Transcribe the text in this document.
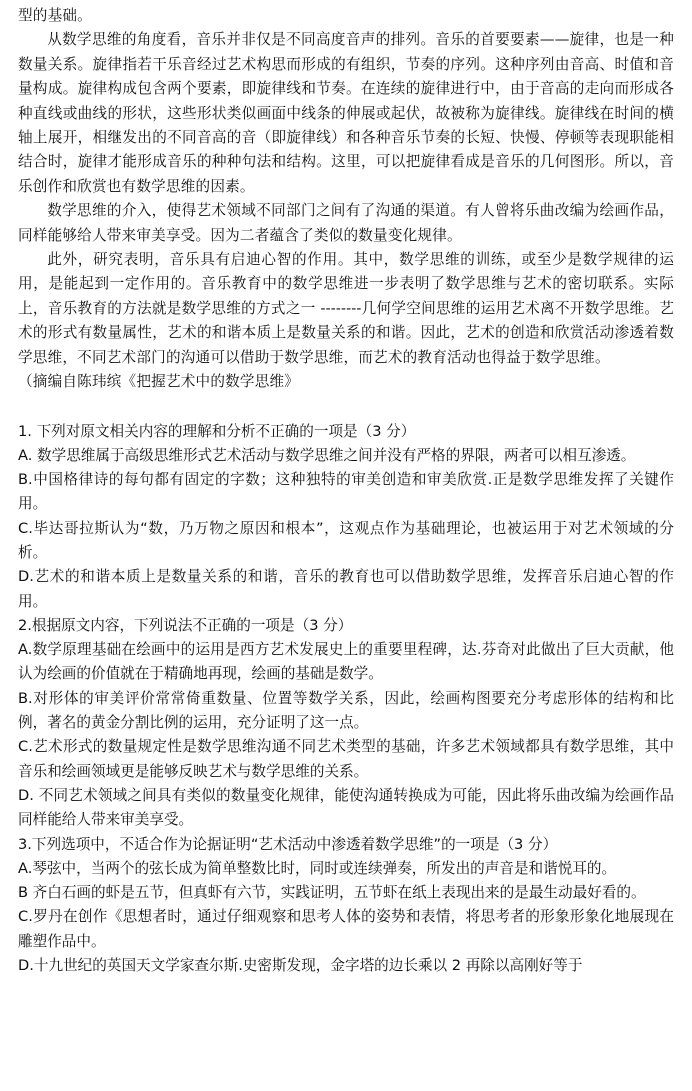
型的基础。

从数学思维的角度看，音乐并非仅是不同高度音声的排列。音乐的首要要素——旋律，也是一种数量关系。旋律指若干乐音经过艺术构思而形成的有组织，节奏的序列。这种序列由音高、时值和音量构成。旋律构成包含两个要素，即旋律线和节奏。在连续的旋律进行中，由于音高的走向而形成各种直线或曲线的形状，这些形状类似画面中线条的伸展或起伏，故被称为旋律线。旋律线在时间的横轴上展开，相继发出的不同音高的音（即旋律线）和各种音乐节奏的长短、快慢、停顿等表现职能相结合时，旋律才能形成音乐的种种句法和结构。这里，可以把旋律看成是音乐的几何图形。所以，音乐创作和欣赏也有数学思维的因素。

数学思维的介入，使得艺术领域不同部门之间有了沟通的渠道。有人曾将乐曲改编为绘画作品，同样能够给人带来审美享受。因为二者蕴含了类似的数量变化规律。

此外，研究表明，音乐具有启迪心智的作用。其中，数学思维的训练，或至少是数学规律的运用，是能起到一定作用的。音乐教育中的数学思维进一步表明了数学思维与艺术的密切联系。实际上，音乐教育的方法就是数学思维的方式之一 --------几何学空间思维的运用艺术离不开数学思维。艺术的形式有数量属性，艺术的和谐本质上是数量关系的和谐。因此，艺术的创造和欣赏活动渗透着数学思维，不同艺术部门的沟通可以借助于数学思维，而艺术的教育活动也得益于数学思维。

（摘编自陈玮缤《把握艺术中的数学思维》

1. 下列对原文相关内容的理解和分析不正确的一项是（3 分）

A. 数学思维属于高级思维形式艺术活动与数学思维之间并没有严格的界限，两者可以相互渗透。

B.中国格律诗的每句都有固定的字数；这种独特的审美创造和审美欣赏.正是数学思维发挥了关键作用。

C.毕达哥拉斯认为“数，乃万物之原因和根本”，这观点作为基础理论，也被运用于对艺术领域的分析。

D.艺术的和谐本质上是数量关系的和谐，音乐的教育也可以借助数学思维，发挥音乐启迪心智的作用。

2.根据原文内容，下列说法不正确的一项是（3 分）

A.数学原理基础在绘画中的运用是西方艺术发展史上的重要里程碑，达.芬奇对此做出了巨大贡献，他认为绘画的价值就在于精确地再现，绘画的基础是数学。

B.对形体的审美评价常常倚重数量、位置等数学关系，因此，绘画构图要充分考虑形体的结构和比例，著名的黄金分割比例的运用，充分证明了这一点。

C.艺术形式的数量规定性是数学思维沟通不同艺术类型的基础，许多艺术领域都具有数学思维，其中音乐和绘画领域更是能够反映艺术与数学思维的关系。

D. 不同艺术领域之间具有类似的数量变化规律，能使沟通转换成为可能，因此将乐曲改编为绘画作品同样能给人带来审美享受。

3.下列选项中，不适合作为论据证明“艺术活动中渗透着数学思维”的一项是（3 分）

A.琴弦中，当两个的弦长成为简单整数比时，同时或连续弹奏，所发出的声音是和谐悦耳的。

B 齐白石画的虾是五节，但真虾有六节，实践证明，五节虾在纸上表现出来的是最生动最好看的。

C.罗丹在创作《思想者时，通过仔细观察和思考人体的姿势和表情，将思考者的形象形象化地展现在雕塑作品中。

D.十九世纪的英国天文学家查尔斯.史密斯发现，金字塔的边长乘以 2 再除以高刚好等于
